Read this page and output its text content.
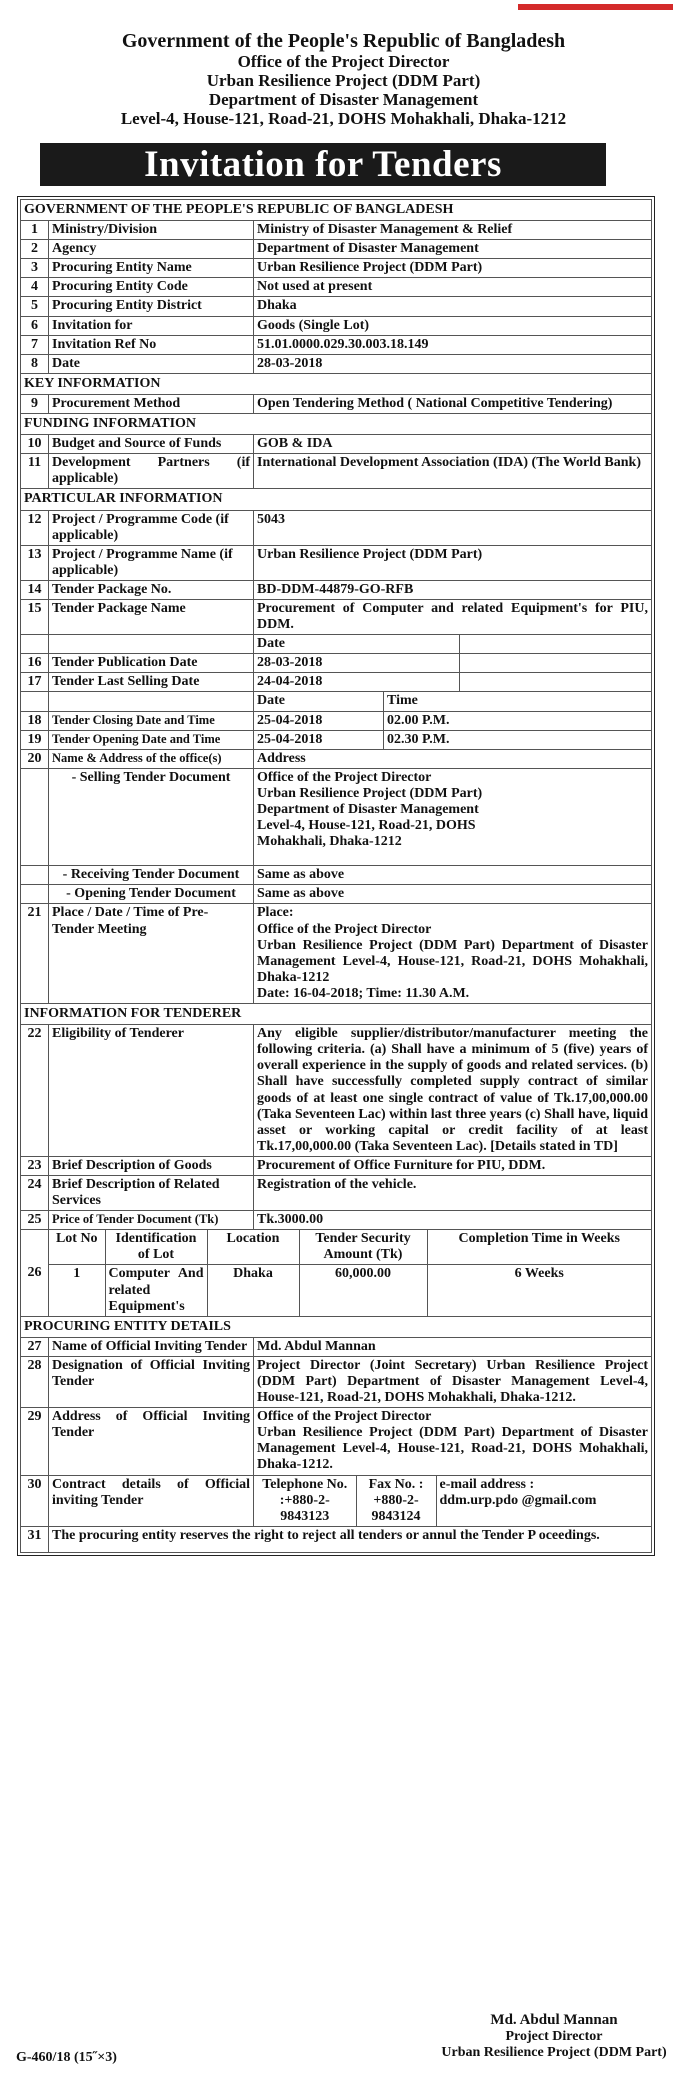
Government of the People's Republic of Bangladesh
Office of the Project Director
Urban Resilience Project (DDM Part)
Department of Disaster Management
Level-4, House-121, Road-21, DOHS Mohakhali, Dhaka-1212
Invitation for Tenders
GOVERNMENT OF THE PEOPLE'S REPUBLIC OF BANGLADESH
1	Ministry/Division	Ministry of Disaster Management & Relief
2	Agency	Department of Disaster Management
3	Procuring Entity Name	Urban Resilience Project (DDM Part)
4	Procuring Entity Code	Not used at present
5	Procuring Entity District	Dhaka
6	Invitation for	Goods (Single Lot)
7	Invitation Ref No	51.01.0000.029.30.003.18.149
8	Date	28-03-2018
KEY INFORMATION
9	Procurement Method	Open Tendering Method ( National Competitive Tendering)
FUNDING INFORMATION
10	Budget and Source of Funds	GOB & IDA
11	Development Partners (if applicable)	International Development Association (IDA) (The World Bank)
PARTICULAR INFORMATION
12	Project / Programme Code (if applicable)	5043
13	Project / Programme Name (if applicable)	Urban Resilience Project (DDM Part)
14	Tender Package No.	BD-DDM-44879-GO-RFB
15	Tender Package Name	Procurement of Computer and related Equipment's for PIU, DDM.
		Date	
16	Tender Publication Date	28-03-2018	
17	Tender Last Selling Date	24-04-2018	
		Date	Time
18	Tender Closing Date and Time	25-04-2018	02.00 P.M.
19	Tender Opening Date and Time	25-04-2018	02.30 P.M.
20	Name & Address of the office(s)	Address
	- Selling Tender Document	Office of the Project Director
Urban Resilience Project (DDM Part)
Department of Disaster Management
Level-4, House-121, Road-21, DOHS
Mohakhali, Dhaka-1212

	- Receiving Tender Document	Same as above
	- Opening Tender Document	Same as above
21	Place / Date / Time of Pre-Tender Meeting	
Place:
Office of the Project Director
Urban Resilience Project (DDM Part) Department of Disaster Management Level-4, House-121, Road-21, DOHS Mohakhali, Dhaka-1212
Date: 16-04-2018; Time: 11.30 A.M.

INFORMATION FOR TENDERER
22	Eligibility of Tenderer	Any eligible supplier/distributor/manufacturer meeting the following criteria. (a) Shall have a minimum of 5 (five) years of overall experience in the supply of goods and related services. (b) Shall have successfully completed supply contract of similar goods of at least one single contract of value of Tk.17,00,000.00 (Taka Seventeen Lac) within last three years (c) Shall have, liquid asset or working capital or credit facility of at least Tk.17,00,000.00 (Taka Seventeen Lac). [Details stated in TD]
23	Brief Description of Goods	Procurement of Office Furniture for PIU, DDM.
24	Brief Description of Related Services	Registration of the vehicle.
25	Price of Tender Document (Tk)	Tk.3000.00
26	
Lot No	Identification of Lot	Location	Tender Security Amount (Tk)	Completion Time in Weeks
1	Computer And related Equipment's	Dhaka	60,000.00	6 Weeks

PROCURING ENTITY DETAILS
27	Name of Official Inviting Tender	Md. Abdul Mannan
28	Designation of Official Inviting Tender	Project Director (Joint Secretary) Urban Resilience Project (DDM Part) Department of Disaster Management Level-4, House-121, Road-21, DOHS Mohakhali, Dhaka-1212.
29	Address of Official Inviting Tender	
Office of the Project Director
Urban Resilience Project (DDM Part) Department of Disaster Management Level-4, House-121, Road-21, DOHS Mohakhali, Dhaka-1212.

30	Contract details of Official inviting Tender	
Telephone No. :+880-2-9843123	Fax No. : +880-2-9843124	
e-mail address :
ddm.urp.pdo @gmail.com

31	The procuring entity reserves the right to reject all tenders or annul the Tender P oceedings.
Md. Abdul Mannan
Project Director
Urban Resilience Project (DDM Part)
G-460/18 (15˝×3)
